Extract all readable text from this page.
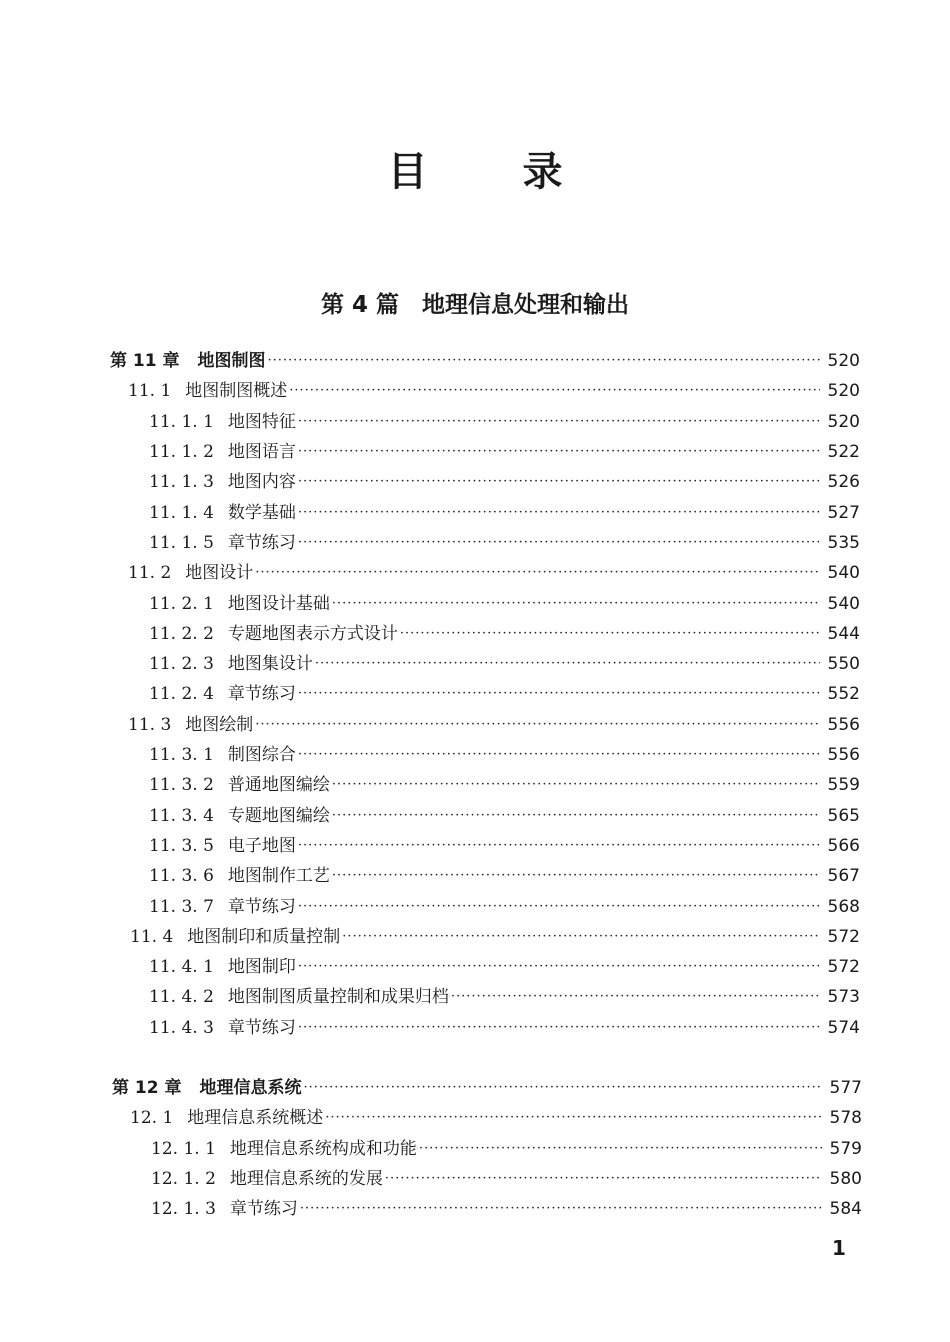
目 录
第 4 篇　地理信息处理和输出
第 11 章 地图制图 ·····	520
11. 1 地图制图概述 ·····	520
11. 1. 1 地图特征 ·····	520
11. 1. 2 地图语言 ·····	522
11. 1. 3 地图内容 ·····	526
11. 1. 4 数学基础 ·····	527
11. 1. 5 章节练习 ·····	535
11. 2 地图设计 ·····	540
11. 2. 1 地图设计基础 ·····	540
11. 2. 2 专题地图表示方式设计 ·····	544
11. 2. 3 地图集设计 ·····	550
11. 2. 4 章节练习 ·····	552
11. 3 地图绘制 ·····	556
11. 3. 1 制图综合 ·····	556
11. 3. 2 普通地图编绘 ·····	559
11. 3. 4 专题地图编绘 ·····	565
11. 3. 5 电子地图 ·····	566
11. 3. 6 地图制作工艺 ·····	567
11. 3. 7 章节练习 ·····	568
11. 4 地图制印和质量控制 ·····	572
11. 4. 1 地图制印 ·····	572
11. 4. 2 地图制图质量控制和成果归档 ·····	573
11. 4. 3 章节练习 ·····	574
第 12 章 地理信息系统 ·····	577
12. 1 地理信息系统概述 ·····	578
12. 1. 1 地理信息系统构成和功能 ·····	579
12. 1. 2 地理信息系统的发展 ·····	580
12. 1. 3 章节练习 ·····	584
1
